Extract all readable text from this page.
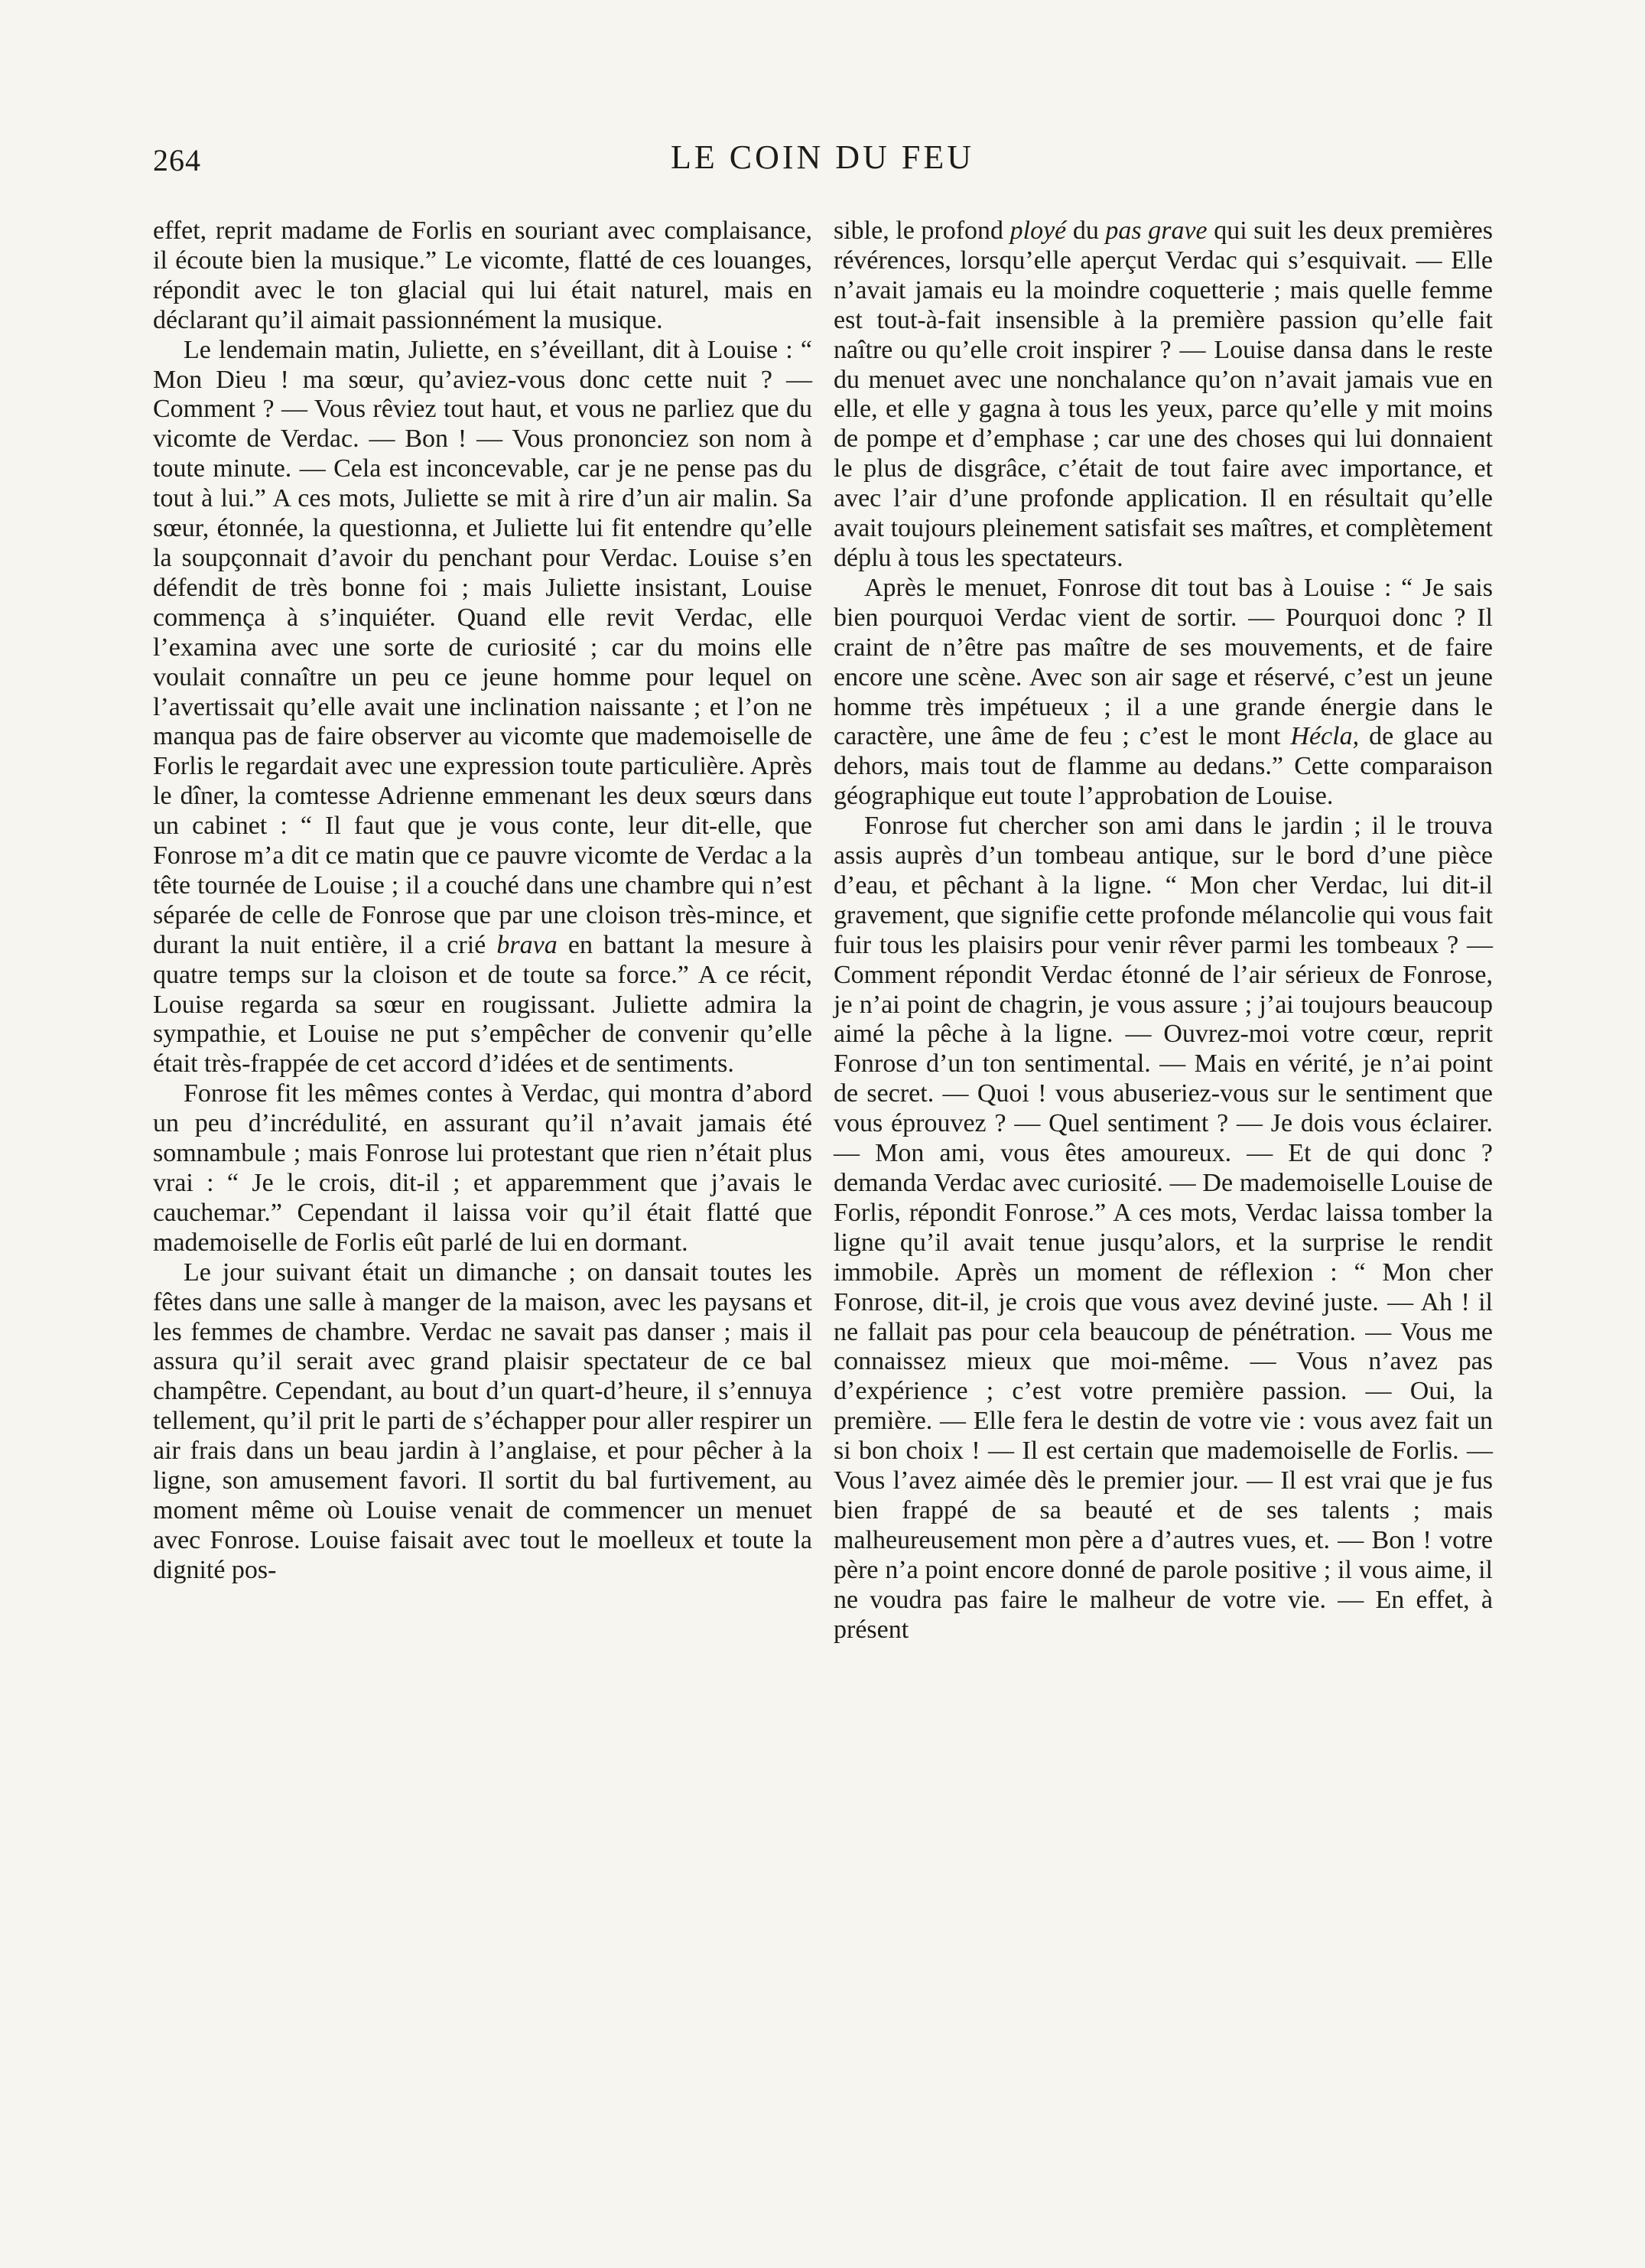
264	LE COIN DU FEU

effet, reprit madame de Forlis en souriant avec complaisance, il écoute bien la musique.” Le vicomte, flatté de ces louanges, répondit avec le ton glacial qui lui était naturel, mais en déclarant qu’il aimait passionnément la musique.

Le lendemain matin, Juliette, en s’éveillant, dit à Louise : “ Mon Dieu ! ma sœur, qu’aviez-vous donc cette nuit ? — Comment ? — Vous rêviez tout haut, et vous ne parliez que du vicomte de Verdac. — Bon ! — Vous prononciez son nom à toute minute. — Cela est inconcevable, car je ne pense pas du tout à lui.” A ces mots, Juliette se mit à rire d’un air malin. Sa sœur, étonnée, la questionna, et Juliette lui fit entendre qu’elle la soupçonnait d’avoir du penchant pour Verdac. Louise s’en défendit de très bonne foi ; mais Juliette insistant, Louise commença à s’inquiéter. Quand elle revit Verdac, elle l’examina avec une sorte de curiosité ; car du moins elle voulait connaître un peu ce jeune homme pour lequel on l’avertissait qu’elle avait une inclination naissante ; et l’on ne manqua pas de faire observer au vicomte que mademoiselle de Forlis le regardait avec une expression toute particulière. Après le dîner, la comtesse Adrienne emmenant les deux sœurs dans un cabinet : “ Il faut que je vous conte, leur dit-elle, que Fonrose m’a dit ce matin que ce pauvre vicomte de Verdac a la tête tournée de Louise ; il a couché dans une chambre qui n’est séparée de celle de Fonrose que par une cloison très-mince, et durant la nuit entière, il a crié brava en battant la mesure à quatre temps sur la cloison et de toute sa force.” A ce récit, Louise regarda sa sœur en rougissant. Juliette admira la sympathie, et Louise ne put s’empêcher de convenir qu’elle était très-frappée de cet accord d’idées et de sentiments.

Fonrose fit les mêmes contes à Verdac, qui montra d’abord un peu d’incrédulité, en assurant qu’il n’avait jamais été somnambule ; mais Fonrose lui protestant que rien n’était plus vrai : “ Je le crois, dit-il ; et apparemment que j’avais le cauchemar.” Cependant il laissa voir qu’il était flatté que mademoiselle de Forlis eût parlé de lui en dormant.

Le jour suivant était un dimanche ; on dansait toutes les fêtes dans une salle à manger de la maison, avec les paysans et les femmes de chambre. Verdac ne savait pas danser ; mais il assura qu’il serait avec grand plaisir spectateur de ce bal champêtre. Cependant, au bout d’un quart-d’heure, il s’ennuya tellement, qu’il prit le parti de s’échapper pour aller respirer un air frais dans un beau jardin à l’anglaise, et pour pêcher à la ligne, son amusement favori. Il sortit du bal furtivement, au moment même où Louise venait de commencer un menuet avec Fonrose. Louise faisait avec tout le moelleux et toute la dignité pos-

sible, le profond ployé du pas grave qui suit les deux premières révérences, lorsqu’elle aperçut Verdac qui s’esquivait. — Elle n’avait jamais eu la moindre coquetterie ; mais quelle femme est tout-à-fait insensible à la première passion qu’elle fait naître ou qu’elle croit inspirer ? — Louise dansa dans le reste du menuet avec une nonchalance qu’on n’avait jamais vue en elle, et elle y gagna à tous les yeux, parce qu’elle y mit moins de pompe et d’emphase ; car une des choses qui lui donnaient le plus de disgrâce, c’était de tout faire avec importance, et avec l’air d’une profonde application. Il en résultait qu’elle avait toujours pleinement satisfait ses maîtres, et complètement déplu à tous les spectateurs.

Après le menuet, Fonrose dit tout bas à Louise : “ Je sais bien pourquoi Verdac vient de sortir. — Pourquoi donc ? Il craint de n’être pas maître de ses mouvements, et de faire encore une scène. Avec son air sage et réservé, c’est un jeune homme très impétueux ; il a une grande énergie dans le caractère, une âme de feu ; c’est le mont Hécla, de glace au dehors, mais tout de flamme au dedans.” Cette comparaison géographique eut toute l’approbation de Louise.

Fonrose fut chercher son ami dans le jardin ; il le trouva assis auprès d’un tombeau antique, sur le bord d’une pièce d’eau, et pêchant à la ligne. “ Mon cher Verdac, lui dit-il gravement, que signifie cette profonde mélancolie qui vous fait fuir tous les plaisirs pour venir rêver parmi les tombeaux ? — Comment répondit Verdac étonné de l’air sérieux de Fonrose, je n’ai point de chagrin, je vous assure ; j’ai toujours beaucoup aimé la pêche à la ligne. — Ouvrez-moi votre cœur, reprit Fonrose d’un ton sentimental. — Mais en vérité, je n’ai point de secret. — Quoi ! vous abuseriez-vous sur le sentiment que vous éprouvez ? — Quel sentiment ? — Je dois vous éclairer. — Mon ami, vous êtes amoureux. — Et de qui donc ? demanda Verdac avec curiosité. — De mademoiselle Louise de Forlis, répondit Fonrose.” A ces mots, Verdac laissa tomber la ligne qu’il avait tenue jusqu’alors, et la surprise le rendit immobile. Après un moment de réflexion : “ Mon cher Fonrose, dit-il, je crois que vous avez deviné juste. — Ah ! il ne fallait pas pour cela beaucoup de pénétration. — Vous me connaissez mieux que moi-même. — Vous n’avez pas d’expérience ; c’est votre première passion. — Oui, la première. — Elle fera le destin de votre vie : vous avez fait un si bon choix ! — Il est certain que mademoiselle de Forlis. — Vous l’avez aimée dès le premier jour. — Il est vrai que je fus bien frappé de sa beauté et de ses talents ; mais malheureusement mon père a d’autres vues, et. — Bon ! votre père n’a point encore donné de parole positive ; il vous aime, il ne voudra pas faire le malheur de votre vie. — En effet, à présent
